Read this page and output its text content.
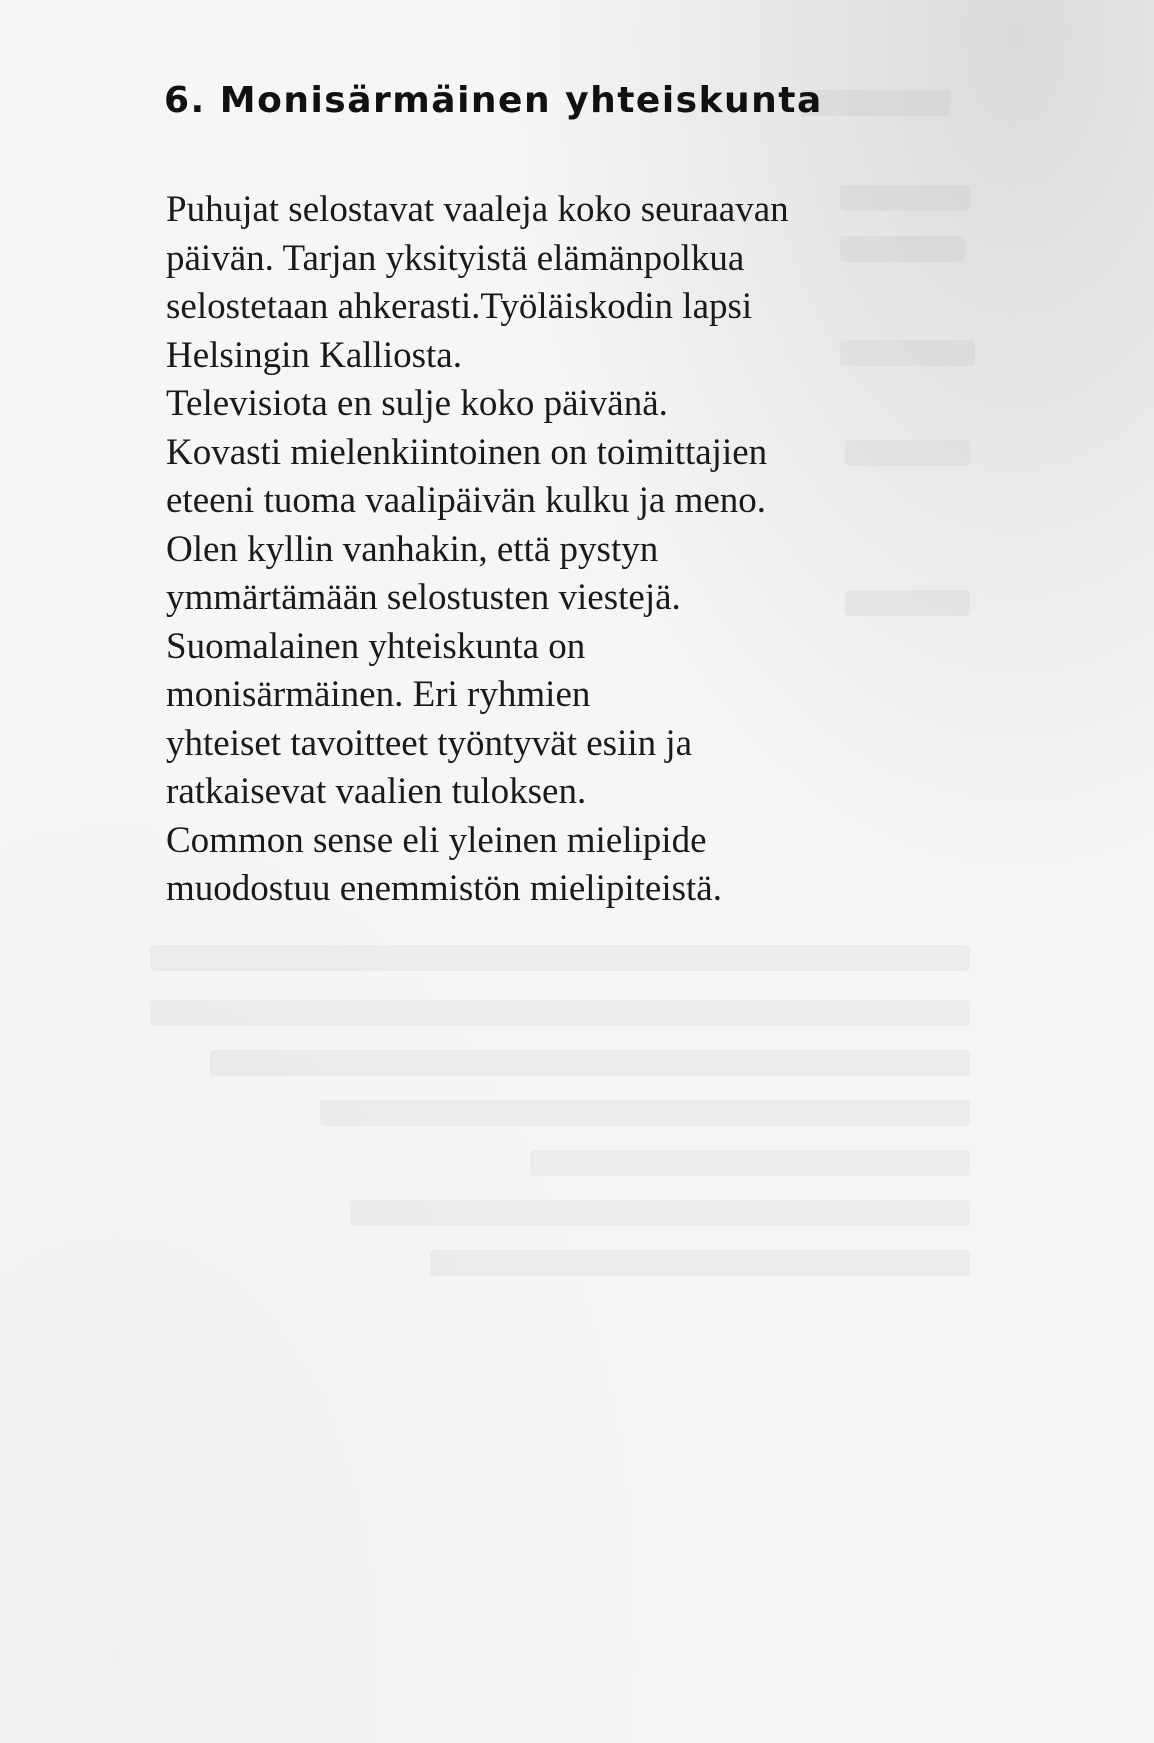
6. Monisärmäinen yhteiskunta

Puhujat selostavat vaaleja koko seuraavan
päivän. Tarjan yksityistä elämänpolkua
selostetaan ahkerasti.Työläiskodin lapsi
Helsingin Kalliosta.
Televisiota en sulje koko päivänä.
Kovasti mielenkiintoinen on toimittajien
eteeni tuoma vaalipäivän kulku ja meno.
Olen kyllin vanhakin, että pystyn
ymmärtämään selostusten viestejä.
Suomalainen yhteiskunta on
monisärmäinen. Eri ryhmien
yhteiset tavoitteet työntyvät esiin ja
ratkaisevat vaalien tuloksen.
Common sense eli yleinen mielipide
muodostuu enemmistön mielipiteistä.
